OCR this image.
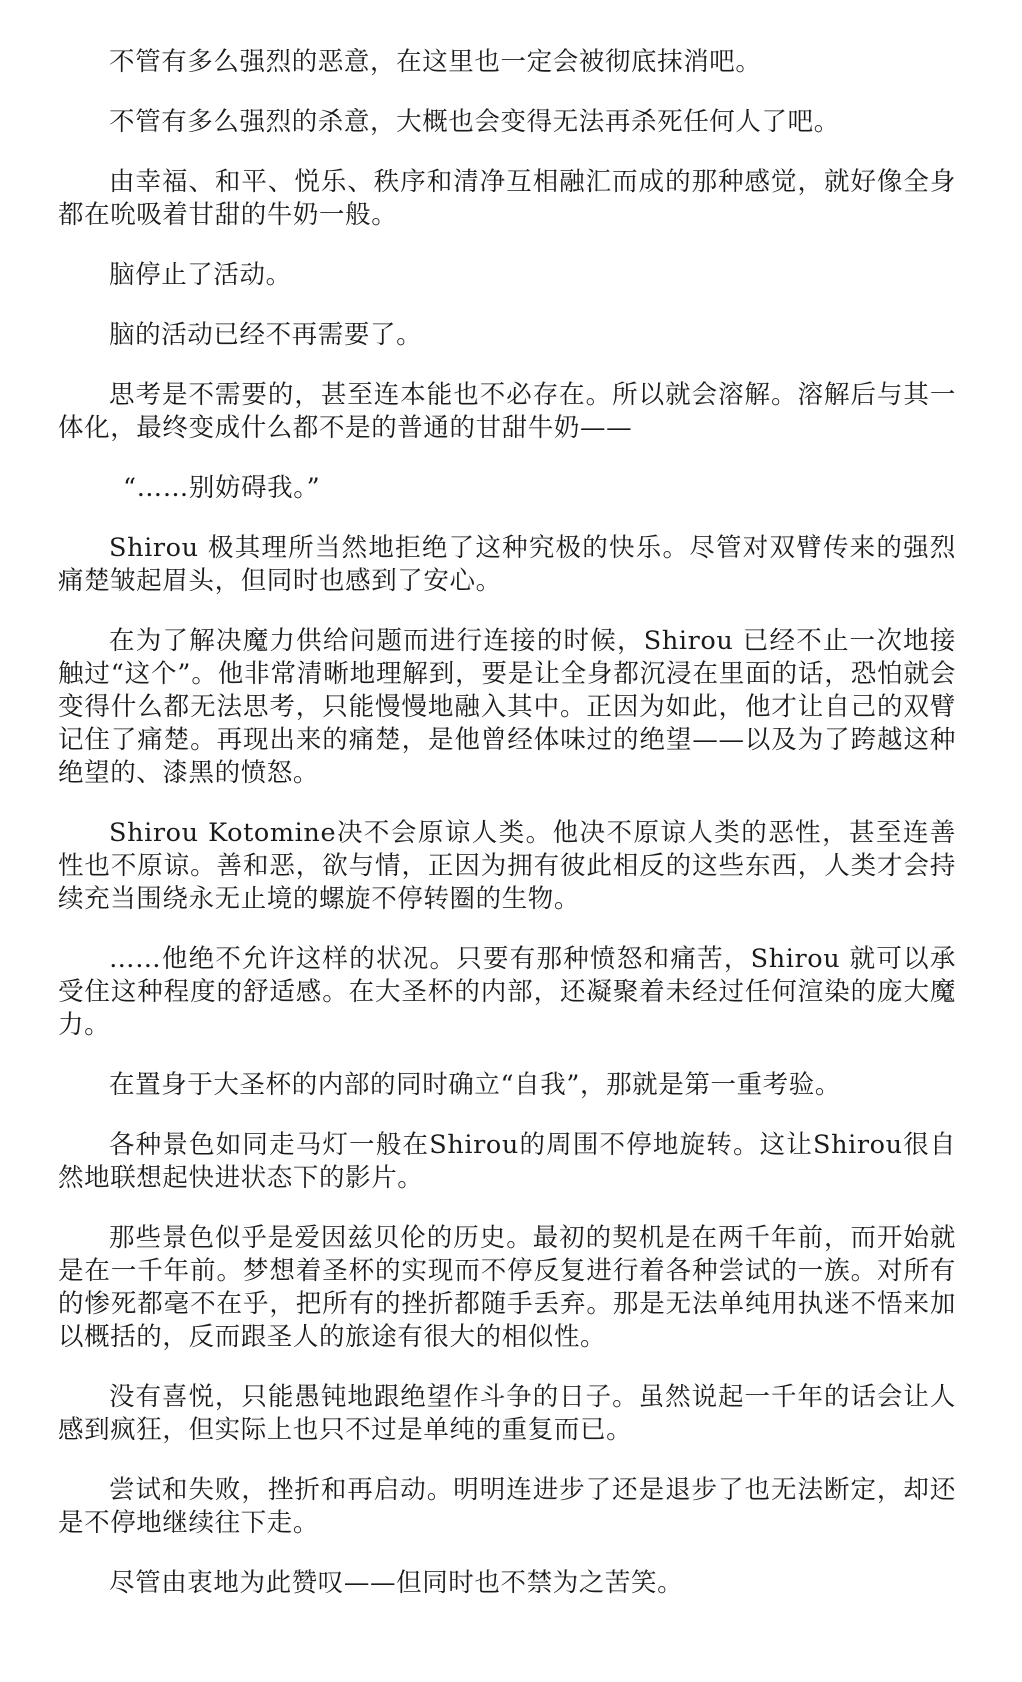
不管有多么强烈的恶意，在这里也一定会被彻底抹消吧。

不管有多么强烈的杀意，大概也会变得无法再杀死任何人了吧。

由幸福、和平、悦乐、秩序和清净互相融汇而成的那种感觉，就好像全身都在吮吸着甘甜的牛奶一般。

脑停止了活动。

脑的活动已经不再需要了。

思考是不需要的，甚至连本能也不必存在。所以就会溶解。溶解后与其一体化，最终变成什么都不是的普通的甘甜牛奶——

“……别妨碍我。”

Shirou 极其理所当然地拒绝了这种究极的快乐。尽管对双臂传来的强烈痛楚皱起眉头，但同时也感到了安心。

在为了解决魔力供给问题而进行连接的时候，Shirou 已经不止一次地接触过“这个”。他非常清晰地理解到，要是让全身都沉浸在里面的话，恐怕就会变得什么都无法思考，只能慢慢地融入其中。正因为如此，他才让自己的双臂记住了痛楚。再现出来的痛楚，是他曾经体味过的绝望——以及为了跨越这种绝望的、漆黑的愤怒。

Shirou Kotomine决不会原谅人类。他决不原谅人类的恶性，甚至连善性也不原谅。善和恶，欲与情，正因为拥有彼此相反的这些东西，人类才会持续充当围绕永无止境的螺旋不停转圈的生物。

……他绝不允许这样的状况。只要有那种愤怒和痛苦，Shirou 就可以承受住这种程度的舒适感。在大圣杯的内部，还凝聚着未经过任何渲染的庞大魔力。

在置身于大圣杯的内部的同时确立“自我”，那就是第一重考验。

各种景色如同走马灯一般在Shirou的周围不停地旋转。这让Shirou很自然地联想起快进状态下的影片。

那些景色似乎是爱因兹贝伦的历史。最初的契机是在两千年前，而开始就是在一千年前。梦想着圣杯的实现而不停反复进行着各种尝试的一族。对所有的惨死都毫不在乎，把所有的挫折都随手丢弃。那是无法单纯用执迷不悟来加以概括的，反而跟圣人的旅途有很大的相似性。

没有喜悦，只能愚钝地跟绝望作斗争的日子。虽然说起一千年的话会让人感到疯狂，但实际上也只不过是单纯的重复而已。

尝试和失败，挫折和再启动。明明连进步了还是退步了也无法断定，却还是不停地继续往下走。

尽管由衷地为此赞叹——但同时也不禁为之苦笑。
